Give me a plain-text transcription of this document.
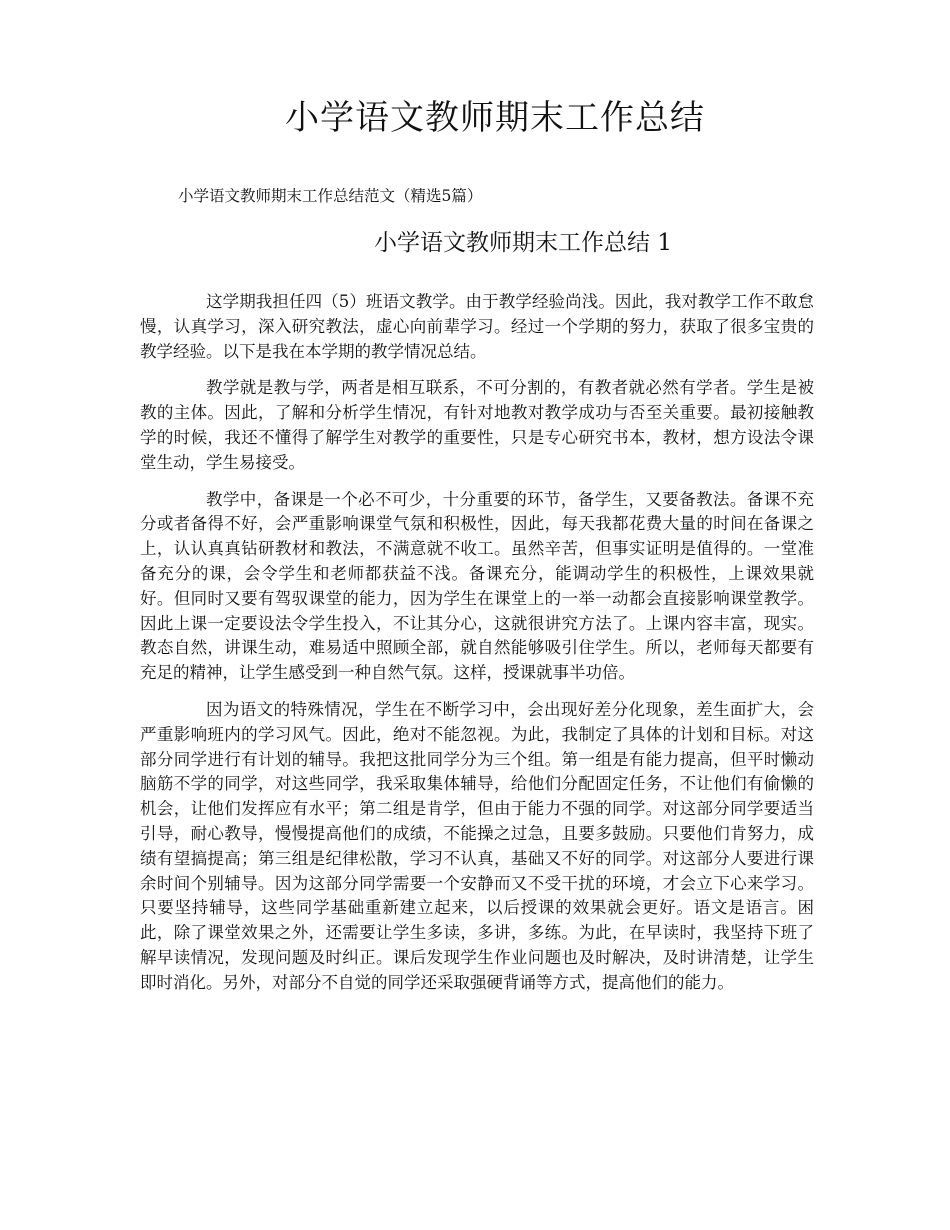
小学语文教师期末工作总结

小学语文教师期末工作总结范文（精选5篇）

小学语文教师期末工作总结 1

这学期我担任四（5）班语文教学。由于教学经验尚浅。因此，我对教学工作不敢怠慢，认真学习，深入研究教法，虚心向前辈学习。经过一个学期的努力，获取了很多宝贵的教学经验。以下是我在本学期的教学情况总结。

教学就是教与学，两者是相互联系，不可分割的，有教者就必然有学者。学生是被教的主体。因此，了解和分析学生情况，有针对地教对教学成功与否至关重要。最初接触教学的时候，我还不懂得了解学生对教学的重要性，只是专心研究书本，教材，想方设法令课堂生动，学生易接受。

教学中，备课是一个必不可少，十分重要的环节，备学生，又要备教法。备课不充分或者备得不好，会严重影响课堂气氛和积极性，因此，每天我都花费大量的时间在备课之上，认认真真钻研教材和教法，不满意就不收工。虽然辛苦，但事实证明是值得的。一堂准备充分的课，会令学生和老师都获益不浅。备课充分，能调动学生的积极性，上课效果就好。但同时又要有驾驭课堂的能力，因为学生在课堂上的一举一动都会直接影响课堂教学。因此上课一定要设法令学生投入，不让其分心，这就很讲究方法了。上课内容丰富，现实。教态自然，讲课生动，难易适中照顾全部，就自然能够吸引住学生。所以，老师每天都要有充足的精神，让学生感受到一种自然气氛。这样，授课就事半功倍。

因为语文的特殊情况，学生在不断学习中，会出现好差分化现象，差生面扩大，会严重影响班内的学习风气。因此，绝对不能忽视。为此，我制定了具体的计划和目标。对这部分同学进行有计划的辅导。我把这批同学分为三个组。第一组是有能力提高，但平时懒动脑筋不学的同学，对这些同学，我采取集体辅导，给他们分配固定任务，不让他们有偷懒的机会，让他们发挥应有水平；第二组是肯学，但由于能力不强的同学。对这部分同学要适当引导，耐心教导，慢慢提高他们的成绩，不能操之过急，且要多鼓励。只要他们肯努力，成绩有望搞提高；第三组是纪律松散，学习不认真，基础又不好的同学。对这部分人要进行课余时间个别辅导。因为这部分同学需要一个安静而又不受干扰的环境，才会立下心来学习。只要坚持辅导，这些同学基础重新建立起来，以后授课的效果就会更好。语文是语言。困此，除了课堂效果之外，还需要让学生多读，多讲，多练。为此，在早读时，我坚持下班了解早读情况，发现问题及时纠正。课后发现学生作业问题也及时解决，及时讲清楚，让学生即时消化。另外，对部分不自觉的同学还采取强硬背诵等方式，提高他们的能力。
